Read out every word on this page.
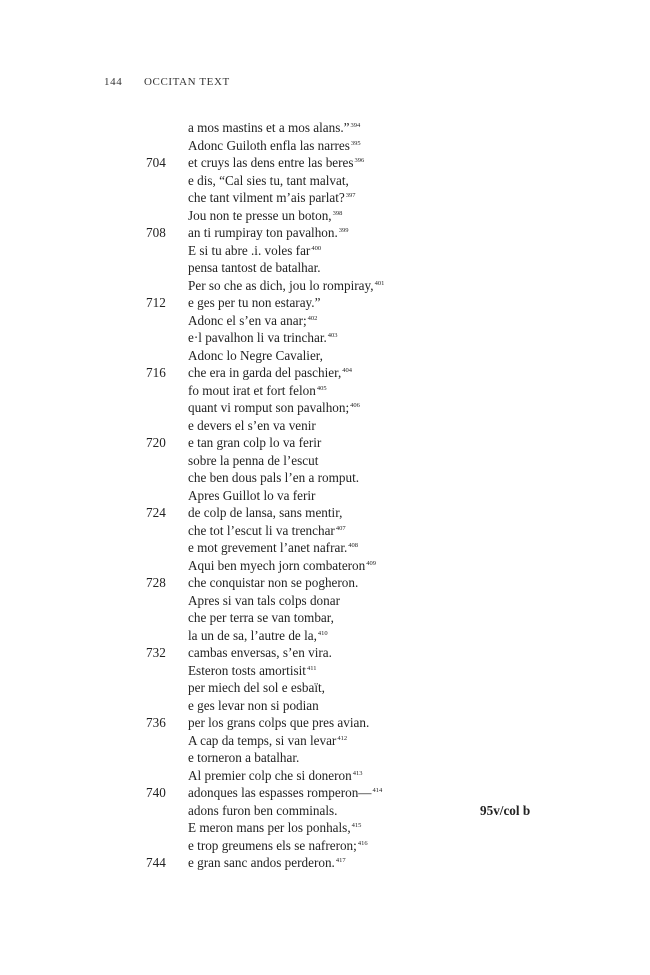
144 OCCITAN TEXT
a mos mastins et a mos alans.”$^{394}$
Adonc Guiloth enfla las narres$^{395}$
704	et cruys las dens entre las beres$^{396}$
e dis, “Cal sies tu, tant malvat,
che tant vilment m’ais parlat?$^{397}$
Jou non te presse un boton,$^{398}$
708	an ti rumpiray ton pavalhon.$^{399}$
E si tu abre .i. voles far$^{400}$
pensa tantost de batalhar.
Per so che as dich, jou lo rompiray,$^{401}$
712	e ges per tu non estaray.”
Adonc el s’en va anar;$^{402}$
e·l pavalhon li va trinchar.$^{403}$
Adonc lo Negre Cavalier,
716	che era in garda del paschier,$^{404}$
fo mout irat et fort felon$^{405}$
quant vi romput son pavalhon;$^{406}$
e devers el s’en va venir
720	e tan gran colp lo va ferir
sobre la penna de l’escut
che ben dous pals l’en a romput.
Apres Guillot lo va ferir
724	de colp de lansa, sans mentir,
che tot l’escut li va trenchar$^{407}$
e mot grevement l’anet nafrar.$^{408}$
Aqui ben myech jorn combateron$^{409}$
728	che conquistar non se pogheron.
Apres si van tals colps donar
che per terra se van tombar,
la un de sa, l’autre de la,$^{410}$
732	cambas enversas, s’en vira.
Esteron tosts amortisit$^{411}$
per miech del sol e esbaït,
e ges levar non si podian
736	per los grans colps que pres avian.
A cap da temps, si van levar$^{412}$
e torneron a batalhar.
Al premier colp che si doneron$^{413}$
740	adonques las espasses romperon—$^{414}$
adons furon ben comminals.	95v/col b
E meron mans per los ponhals,$^{415}$
e trop greumens els se nafreron;$^{416}$
744	e gran sanc andos perderon.$^{417}$
